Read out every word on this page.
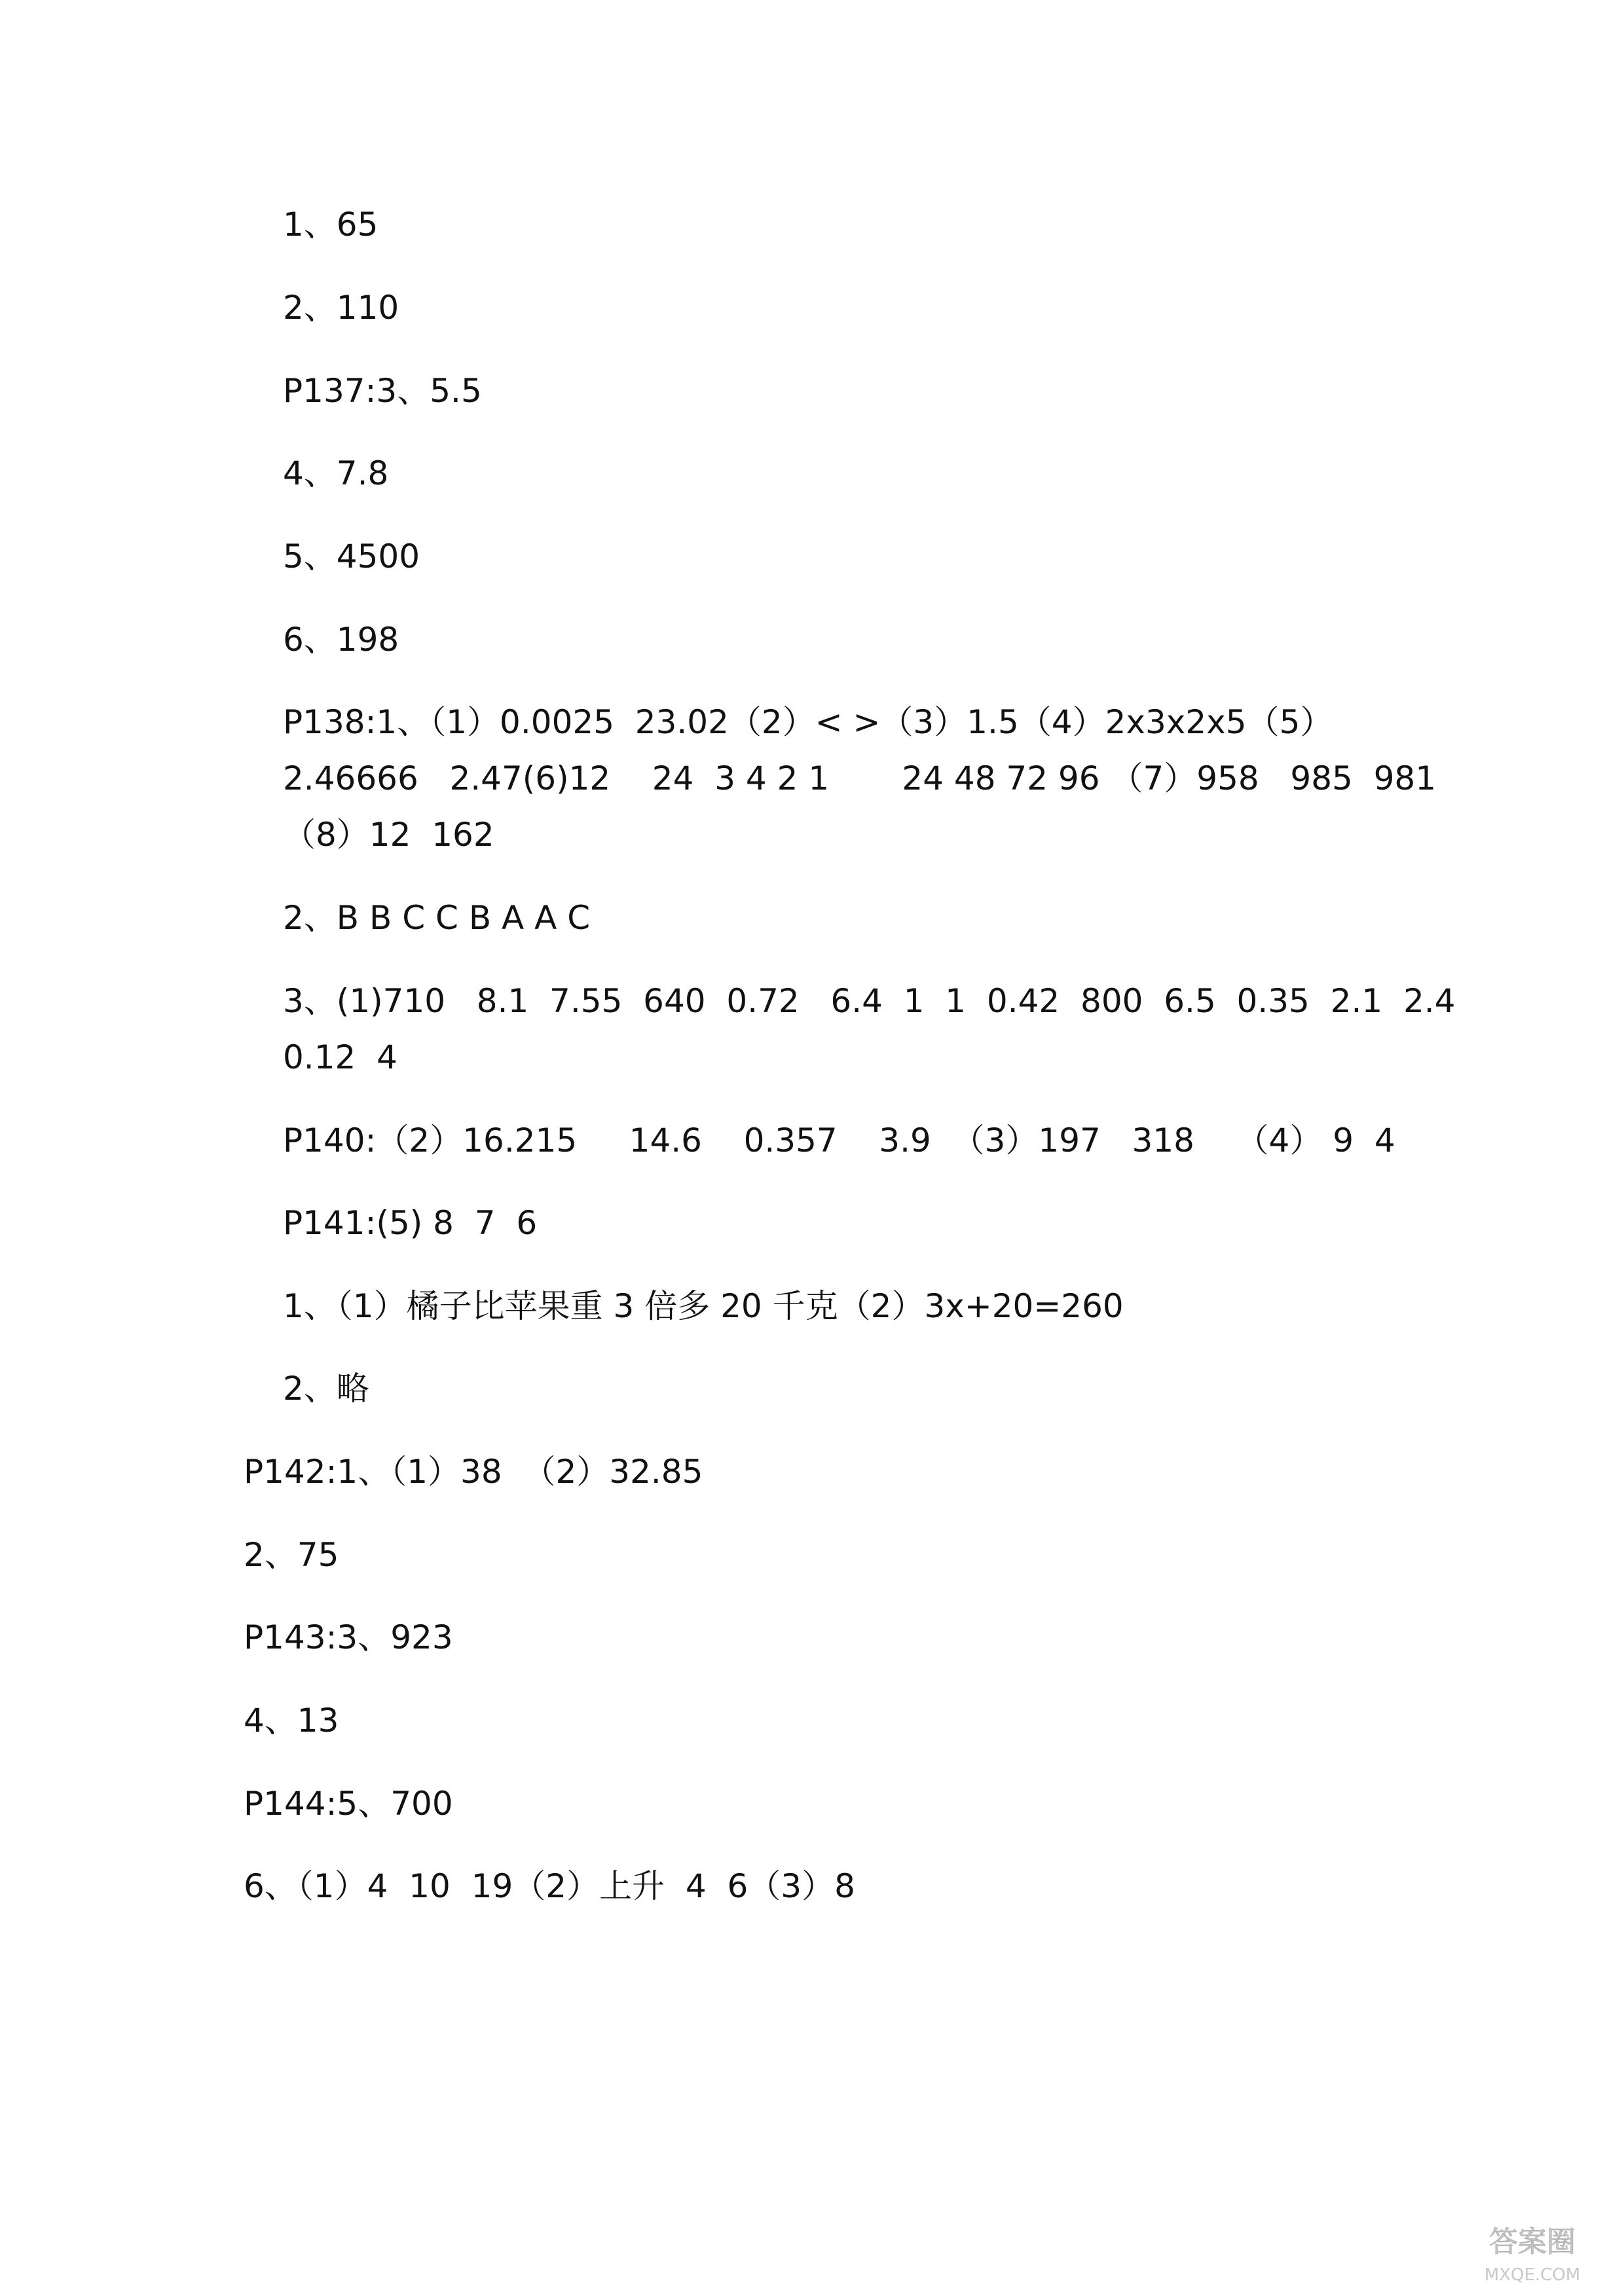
1、65
2、110
P137:3、5.5
4、7.8
5、4500
6、198
P138:1、（1）0.0025  23.02（2）< >（3）1.5（4）2x3x2x5（5）
2.46666   2.47(6)12    24  3 4 2 1       24 48 72 96 （7）958   985  981
（8）12  162
2、B B C C B A A C
3、(1)710   8.1  7.55  640  0.72   6.4  1  1  0.42  800  6.5  0.35  2.1  2.4
0.12  4
P140:（2）16.215     14.6    0.357    3.9  （3）197   318    （4） 9  4
P141:(5) 8  7  6
1、（1）橘子比苹果重 3 倍多 20 千克（2）3x+20=260
2、略
P142:1、（1）38  （2）32.85
2、75
P143:3、923
4、13
P144:5、700
6、（1）4  10  19（2）上升  4  6（3）8
答案圈
MXQE.COM
